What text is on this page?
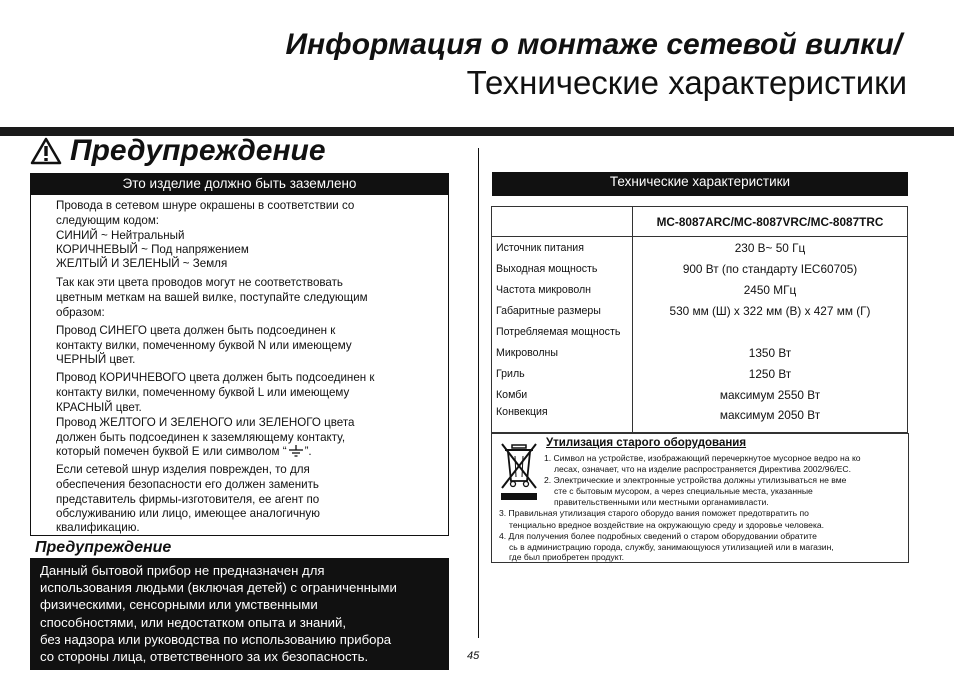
Информация о монтаже сетевой вилки/
Технические характеристики
Предупреждение
Это изделие должно быть заземлено
Провода в сетевом шнуре окрашены в соответствии со
следующим кодом:
СИНИЙ ~ Нейтральный
КОРИЧНЕВЫЙ ~ Под напряжением
ЖЕЛТЫЙ И ЗЕЛЕНЫЙ ~ Земля
Так как эти цвета проводов могут не соответствовать
цветным меткам на вашей вилке, поступайте следующим
образом:
Провод СИНЕГО цвета должен быть подсоединен к
контакту вилки, помеченному буквой N или имеющему
ЧЕРНЫЙ цвет.
Провод КОРИЧНЕВОГО цвета должен быть подсоединен к
контакту вилки, помеченному буквой L или имеющему
КРАСНЫЙ цвет.
Провод ЖЕЛТОГО И ЗЕЛЕНОГО или ЗЕЛЕНОГО цвета
должен быть подсоединен к заземляющему контакту,
который помечен буквой E или символом “ ”.
Если сетевой шнур изделия поврежден, то для
обеспечения безопасности его должен заменить
представитель фирмы-изготовителя, ее агент по
обслуживанию или лицо, имеющее аналогичную
квалификацию.
Предупреждение
Данный бытовой прибор не предназначен для
использования людьми (включая детей) с ограниченными
физическими, сенсорными или умственными
способностями, или недостатком опыта и знаний,
без надзора или руководства по использованию прибора
со стороны лица, ответственного за их безопасность.	45
Технические характеристики
	MC-8087ARC/MC-8087VRC/MC-8087TRC
Источник питания	230 В~ 50 Гц
Выходная мощность	900 Вт (по стандарту IEC60705)
Частота микроволн	2450 МГц
Габаритные размеры	530 мм (Ш) х 322 мм (В) х 427 мм (Г)
Потребляемая мощность	
Микроволны	1350 Вт
Гриль	1250 Вт
Комби	максимум 2550 Вт
Конвекция	максимум 2050 Вт
Утилизация старого оборудования
1. Символ на устройстве, изображающий перечеркнутое мусорное ведро на ко
лесах, означает, что на изделие распространяется Директива 2002/96/ЕС.
2. Электрические и электронные устройства должны утилизываться не вме
сте с бытовым мусором, а через специальные места, указанные
правительственными или местными органамивласти.
3. Правильная утилизация старого оборудо вания поможет предотвратить по
тенциально вредное воздействие на окружающую среду и здоровье человека.
4. Для получения более подробных сведений о старом оборудовании обратите
сь в администрацию города, службу, занимающуюся утилизацией или в магазин,
где был приобретен продукт.
